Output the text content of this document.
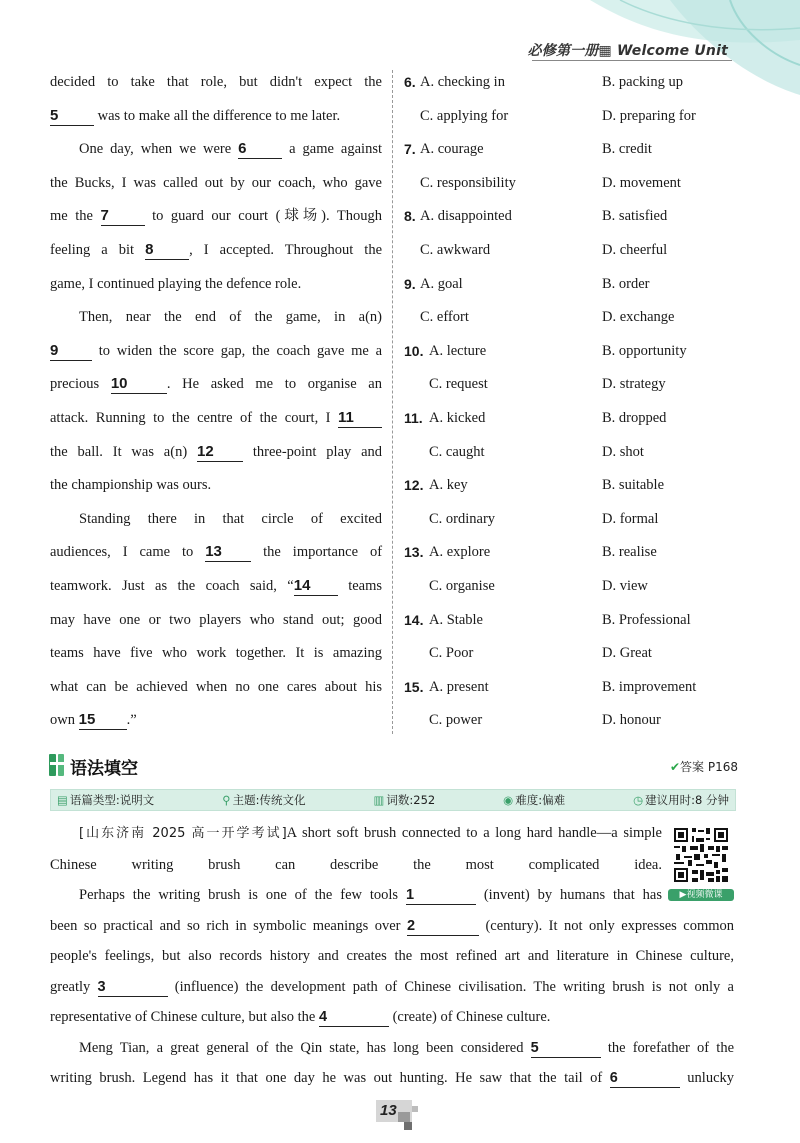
必修第一册▦ Welcome Unit

decided to take that role, but didn't expect the

5	was to make all the difference to me later.

One day, when we were 6	a game against

the Bucks, I was called out by our coach, who gave

me the 7	to guard our court (球场). Though

feeling a bit 8 , I accepted. Throughout the

game, I continued playing the defence role.

Then, near the end of the game, in a(n)

9	to widen the score gap, the coach gave me a

precious 10	. He asked me to organise an

attack. Running to the centre of the court, I 11

the ball. It was a(n) 12	three-point play and

the championship was ours.

Standing there in that circle of excited

audiences, I came to 13	the importance of

teamwork. Just as the coach said, “14	teams

may have one or two players who stand out; good

teams have five who work together. It is amazing

what can be achieved when no one cares about his

own 15 .”

6. A. checking in	B. packing up
C. applying for	D. preparing for
7. A. courage	B. credit
C. responsibility	D. movement
8. A. disappointed	B. satisfied
C. awkward	D. cheerful
9. A. goal	B. order
C. effort	D. exchange
10. A. lecture	B. opportunity
C. request	D. strategy
11. A. kicked	B. dropped
C. caught	D. shot
12. A. key	B. suitable
C. ordinary	D. formal
13. A. explore	B. realise
C. organise	D. view
14. A. Stable	B. Professional
C. Poor	D. Great
15. A. present	B. improvement
C. power	D. honour
语法填空	✔答案 P168
▤ 语篇类型:说明文	⚲ 主题:传统文化	▥ 词数:252	◉ 难度:偏难	◷ 建议用时:8 分钟
▶视频微课

[山东济南 2025 高一开学考试]A short soft brush connected to a long hard handle—a simple Chinese writing brush can describe the most complicated idea.

Perhaps the writing brush is one of the few tools 1	(invent) by humans that has

been so practical and so rich in symbolic meanings over 2	(century). It not only expresses common

people's feelings, but also records history and creates the most refined art and literature in Chinese culture,

greatly 3	(influence) the development path of Chinese civilisation. The writing brush is not only a

representative of Chinese culture, but also the 4	(create) of Chinese culture.

Meng Tian, a great general of the Qin state, has long been considered 5	the forefather of the

writing brush. Legend has it that one day he was out hunting. He saw that the tail of 6	unlucky

13
